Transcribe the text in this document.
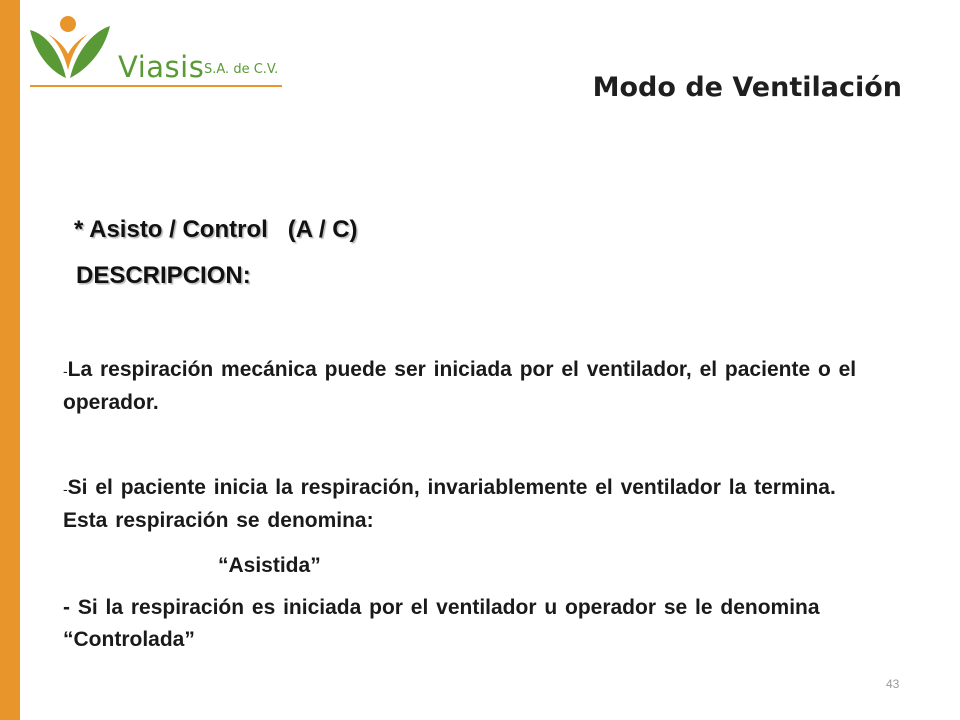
Viasis S.A. de C.V.
Modo de Ventilación
* Asisto / Control   (A / C)
DESCRIPCION:
-La respiración mecánica puede ser iniciada por el ventilador, el paciente o el operador.
-Si el paciente inicia la respiración, invariablemente el ventilador la termina. Esta respiración se denomina:
“Asistida”
- Si la respiración es iniciada por el ventilador u operador se le denomina “Controlada”
43
